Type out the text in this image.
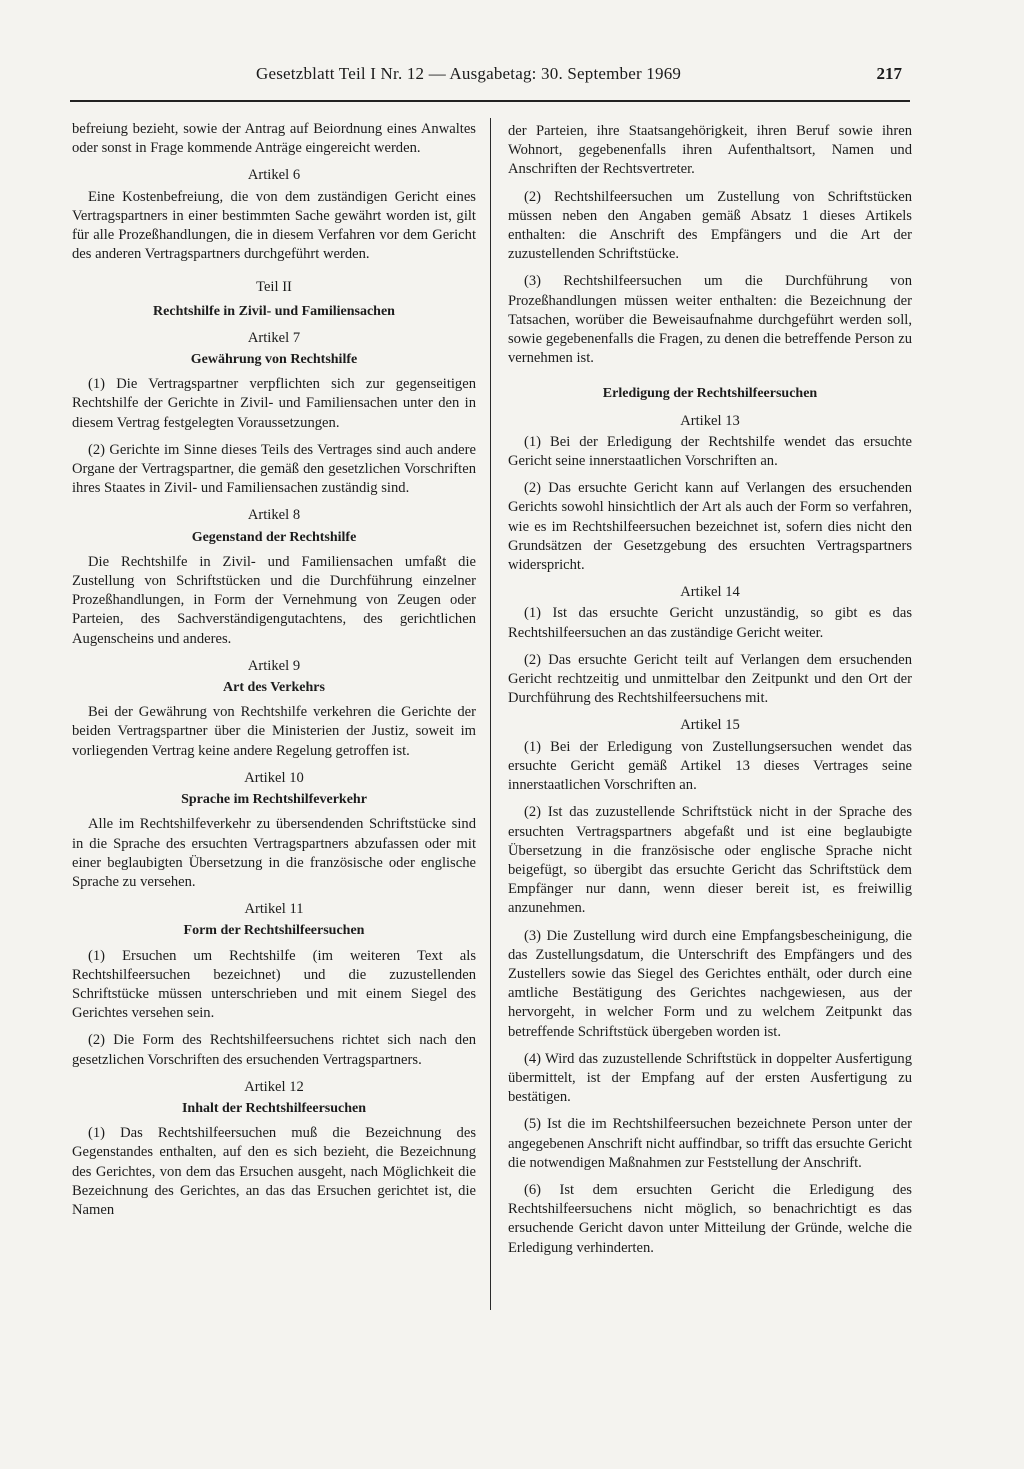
Gesetzblatt Teil I Nr. 12 — Ausgabetag: 30. September 1969	217

befreiung bezieht, sowie der Antrag auf Beiordnung eines Anwaltes oder sonst in Frage kommende Anträge eingereicht werden.

Artikel 6

Eine Kostenbefreiung, die von dem zuständigen Gericht eines Vertragspartners in einer bestimmten Sache gewährt worden ist, gilt für alle Prozeßhandlungen, die in diesem Verfahren vor dem Gericht des anderen Vertragspartners durchgeführt werden.

Teil II
Rechtshilfe in Zivil- und Familiensachen
Artikel 7
Gewährung von Rechtshilfe

(1) Die Vertragspartner verpflichten sich zur gegenseitigen Rechtshilfe der Gerichte in Zivil- und Familiensachen unter den in diesem Vertrag festgelegten Voraussetzungen.

(2) Gerichte im Sinne dieses Teils des Vertrages sind auch andere Organe der Vertragspartner, die gemäß den gesetzlichen Vorschriften ihres Staates in Zivil- und Familiensachen zuständig sind.

Artikel 8
Gegenstand der Rechtshilfe

Die Rechtshilfe in Zivil- und Familiensachen umfaßt die Zustellung von Schriftstücken und die Durchführung einzelner Prozeßhandlungen, in Form der Vernehmung von Zeugen oder Parteien, des Sachverständigengutachtens, des gerichtlichen Augenscheins und anderes.

Artikel 9
Art des Verkehrs

Bei der Gewährung von Rechtshilfe verkehren die Gerichte der beiden Vertragspartner über die Ministerien der Justiz, soweit im vorliegenden Vertrag keine andere Regelung getroffen ist.

Artikel 10
Sprache im Rechtshilfeverkehr

Alle im Rechtshilfeverkehr zu übersendenden Schriftstücke sind in die Sprache des ersuchten Vertragspartners abzufassen oder mit einer beglaubigten Übersetzung in die französische oder englische Sprache zu versehen.

Artikel 11
Form der Rechtshilfeersuchen

(1) Ersuchen um Rechtshilfe (im weiteren Text als Rechtshilfeersuchen bezeichnet) und die zuzustellenden Schriftstücke müssen unterschrieben und mit einem Siegel des Gerichtes versehen sein.

(2) Die Form des Rechtshilfeersuchens richtet sich nach den gesetzlichen Vorschriften des ersuchenden Vertragspartners.

Artikel 12
Inhalt der Rechtshilfeersuchen

(1) Das Rechtshilfeersuchen muß die Bezeichnung des Gegenstandes enthalten, auf den es sich bezieht, die Bezeichnung des Gerichtes, von dem das Ersuchen ausgeht, nach Möglichkeit die Bezeichnung des Gerichtes, an das das Ersuchen gerichtet ist, die Namen

der Parteien, ihre Staatsangehörigkeit, ihren Beruf sowie ihren Wohnort, gegebenenfalls ihren Aufenthaltsort, Namen und Anschriften der Rechtsvertreter.

(2) Rechtshilfeersuchen um Zustellung von Schriftstücken müssen neben den Angaben gemäß Absatz 1 dieses Artikels enthalten: die Anschrift des Empfängers und die Art der zuzustellenden Schriftstücke.

(3) Rechtshilfeersuchen um die Durchführung von Prozeßhandlungen müssen weiter enthalten: die Bezeichnung der Tatsachen, worüber die Beweisaufnahme durchgeführt werden soll, sowie gegebenenfalls die Fragen, zu denen die betreffende Person zu vernehmen ist.

Erledigung der Rechtshilfeersuchen
Artikel 13

(1) Bei der Erledigung der Rechtshilfe wendet das ersuchte Gericht seine innerstaatlichen Vorschriften an.

(2) Das ersuchte Gericht kann auf Verlangen des ersuchenden Gerichts sowohl hinsichtlich der Art als auch der Form so verfahren, wie es im Rechtshilfeersuchen bezeichnet ist, sofern dies nicht den Grundsätzen der Gesetzgebung des ersuchten Vertragspartners widerspricht.

Artikel 14

(1) Ist das ersuchte Gericht unzuständig, so gibt es das Rechtshilfeersuchen an das zuständige Gericht weiter.

(2) Das ersuchte Gericht teilt auf Verlangen dem ersuchenden Gericht rechtzeitig und unmittelbar den Zeitpunkt und den Ort der Durchführung des Rechtshilfeersuchens mit.

Artikel 15

(1) Bei der Erledigung von Zustellungsersuchen wendet das ersuchte Gericht gemäß Artikel 13 dieses Vertrages seine innerstaatlichen Vorschriften an.

(2) Ist das zuzustellende Schriftstück nicht in der Sprache des ersuchten Vertragspartners abgefaßt und ist eine beglaubigte Übersetzung in die französische oder englische Sprache nicht beigefügt, so übergibt das ersuchte Gericht das Schriftstück dem Empfänger nur dann, wenn dieser bereit ist, es freiwillig anzunehmen.

(3) Die Zustellung wird durch eine Empfangsbescheinigung, die das Zustellungsdatum, die Unterschrift des Empfängers und des Zustellers sowie das Siegel des Gerichtes enthält, oder durch eine amtliche Bestätigung des Gerichtes nachgewiesen, aus der hervorgeht, in welcher Form und zu welchem Zeitpunkt das betreffende Schriftstück übergeben worden ist.

(4) Wird das zuzustellende Schriftstück in doppelter Ausfertigung übermittelt, ist der Empfang auf der ersten Ausfertigung zu bestätigen.

(5) Ist die im Rechtshilfeersuchen bezeichnete Person unter der angegebenen Anschrift nicht auffindbar, so trifft das ersuchte Gericht die notwendigen Maßnahmen zur Feststellung der Anschrift.

(6) Ist dem ersuchten Gericht die Erledigung des Rechtshilfeersuchens nicht möglich, so benachrichtigt es das ersuchende Gericht davon unter Mitteilung der Gründe, welche die Erledigung verhinderten.
